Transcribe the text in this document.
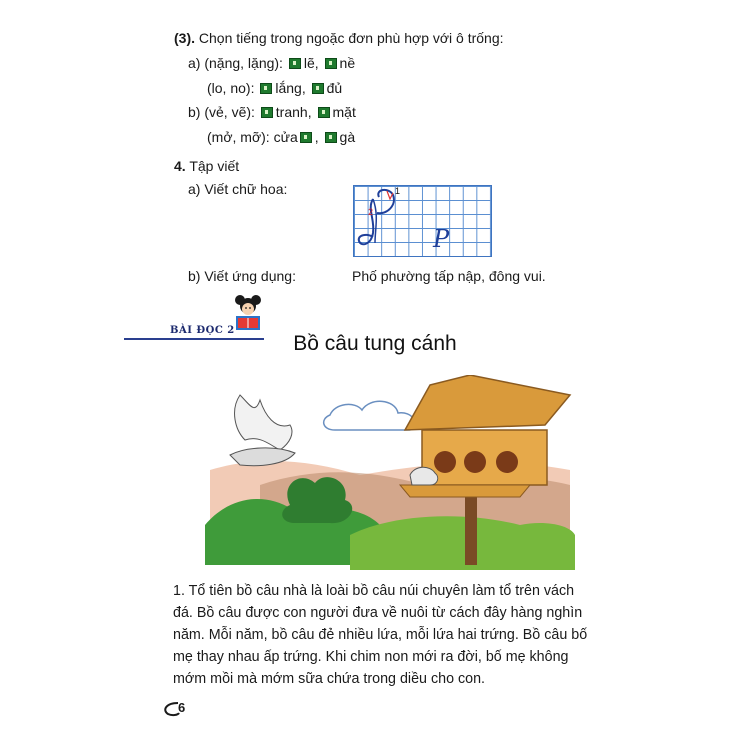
(3). Chọn tiếng trong ngoặc đơn phù hợp với ô trống:
a) (nặng, lặng): lẽ, nề
(lo, no): lắng, đủ
b) (vẻ, vẽ): tranh, mặt
(mở, mỡ): cửa , gà
4. Tập viết
a) Viết chữ hoa:	1
2
P
b) Viết ứng dụng:	Phố phường tấp nập, đông vui.
BÀI ĐỌC 2
Bồ câu tung cánh
1. Tổ tiên bồ câu nhà là loài bồ câu núi chuyên làm tổ trên vách đá. Bồ câu được con người đưa về nuôi từ cách đây hàng nghìn năm. Mỗi năm, bồ câu đẻ nhiều lứa, mỗi lứa hai trứng. Bồ câu bố mẹ thay nhau ấp trứng. Khi chim non mới ra đời, bố mẹ không mớm mồi mà mớm sữa chứa trong diều cho con.
6
